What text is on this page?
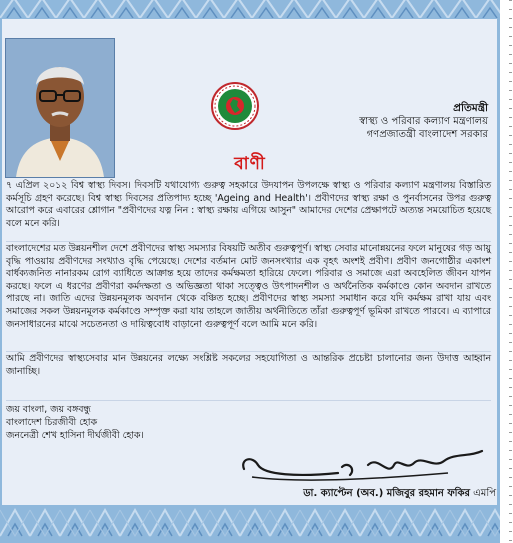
প্রতিমন্ত্রী
স্বাস্থ্য ও পরিবার কল্যাণ মন্ত্রণালয়
গণপ্রজাতন্ত্রী বাংলাদেশ সরকার
বাণী

৭ এপ্রিল ২০১২ বিশ্ব স্বাস্থ্য দিবস। দিবসটি যথাযোগ্য গুরুত্ব সহকারে উদযাপন উপলক্ষে স্বাস্থ্য ও পরিবার কল্যাণ মন্ত্রণালয় বিস্তারিত কর্মসূচি গ্রহণ করেছে। বিশ্ব স্বাস্থ্য দিবসের প্রতিপাদ্য হচ্ছে 'Ageing and Health'। প্রবীণদের স্বাস্থ্য রক্ষা ও পুনর্বাসনের উপর গুরুত্ব আরোপ করে এবারের শ্লোগান "প্রবীণদের যত্ন নিন : স্বাস্থ্য রক্ষায় এগিয়ে আসুন" আমাদের দেশের প্রেক্ষাপটে অত্যন্ত সময়োচিত হয়েছে বলে মনে করি।

বাংলাদেশের মত উন্নয়নশীল দেশে প্রবীণদের স্বাস্থ্য সমস্যার বিষয়টি অতীব গুরুত্বপূর্ণ। স্বাস্থ্য সেবার মানোন্নয়নের ফলে মানুষের গড় আয়ু বৃদ্ধি পাওয়ায় প্রবীণদের সংখ্যাও বৃদ্ধি পেয়েছে। দেশের বর্তমান মোট জনসংখ্যার এক বৃহৎ অংশই প্রবীণ। প্রবীণ জনগোষ্ঠীর একাংশ বার্ধক্যজনিত নানারকম রোগ ব্যাধিতে আক্রান্ত হয়ে তাদের কর্মক্ষমতা হারিয়ে ফেলে। পরিবার ও সমাজে এরা অবহেলিত জীবন যাপন করছে। ফলে এ ধরণের প্রবীণরা কর্মদক্ষতা ও অভিজ্ঞতা থাকা সত্ত্বেও উৎপাদনশীল ও অর্থনৈতিক কর্মকাণ্ডে কোন অবদান রাখতে পারছে না। জাতি এদের উন্নয়নমূলক অবদান থেকে বঞ্চিত হচ্ছে। প্রবীণদের স্বাস্থ্য সমস্যা সমাধান করে যদি কর্মক্ষম রাখা যায় এবং সমাজের সকল উন্নয়নমূলক কর্মকাণ্ডে সম্পৃক্ত করা যায় তাহলে জাতীয় অর্থনীতিতে তাঁরা গুরুত্বপূর্ণ ভূমিকা রাখতে পারবে। এ ব্যাপারে জনসাধারনের মাঝে সচেতনতা ও দায়িত্ববোধ বাড়ানো গুরুত্বপূর্ণ বলে আমি মনে করি।

আমি প্রবীণদের স্বাস্থ্যসেবার মান উন্নয়নের লক্ষ্যে সংশ্লিষ্ট সকলের সহযোগিতা ও আন্তরিক প্রচেষ্টা চালানোর জন্য উদাত্ত আহ্বান জানাচ্ছি।

জয় বাংলা, জয় বঙ্গবন্ধু
বাংলাদেশ চিরজীবী হোক
জননেত্রী শেখ হাসিনা দীর্ঘজীবী হোক।
ডা. ক্যাপ্টেন (অব.) মজিবুর রহমান ফকির এমপি
